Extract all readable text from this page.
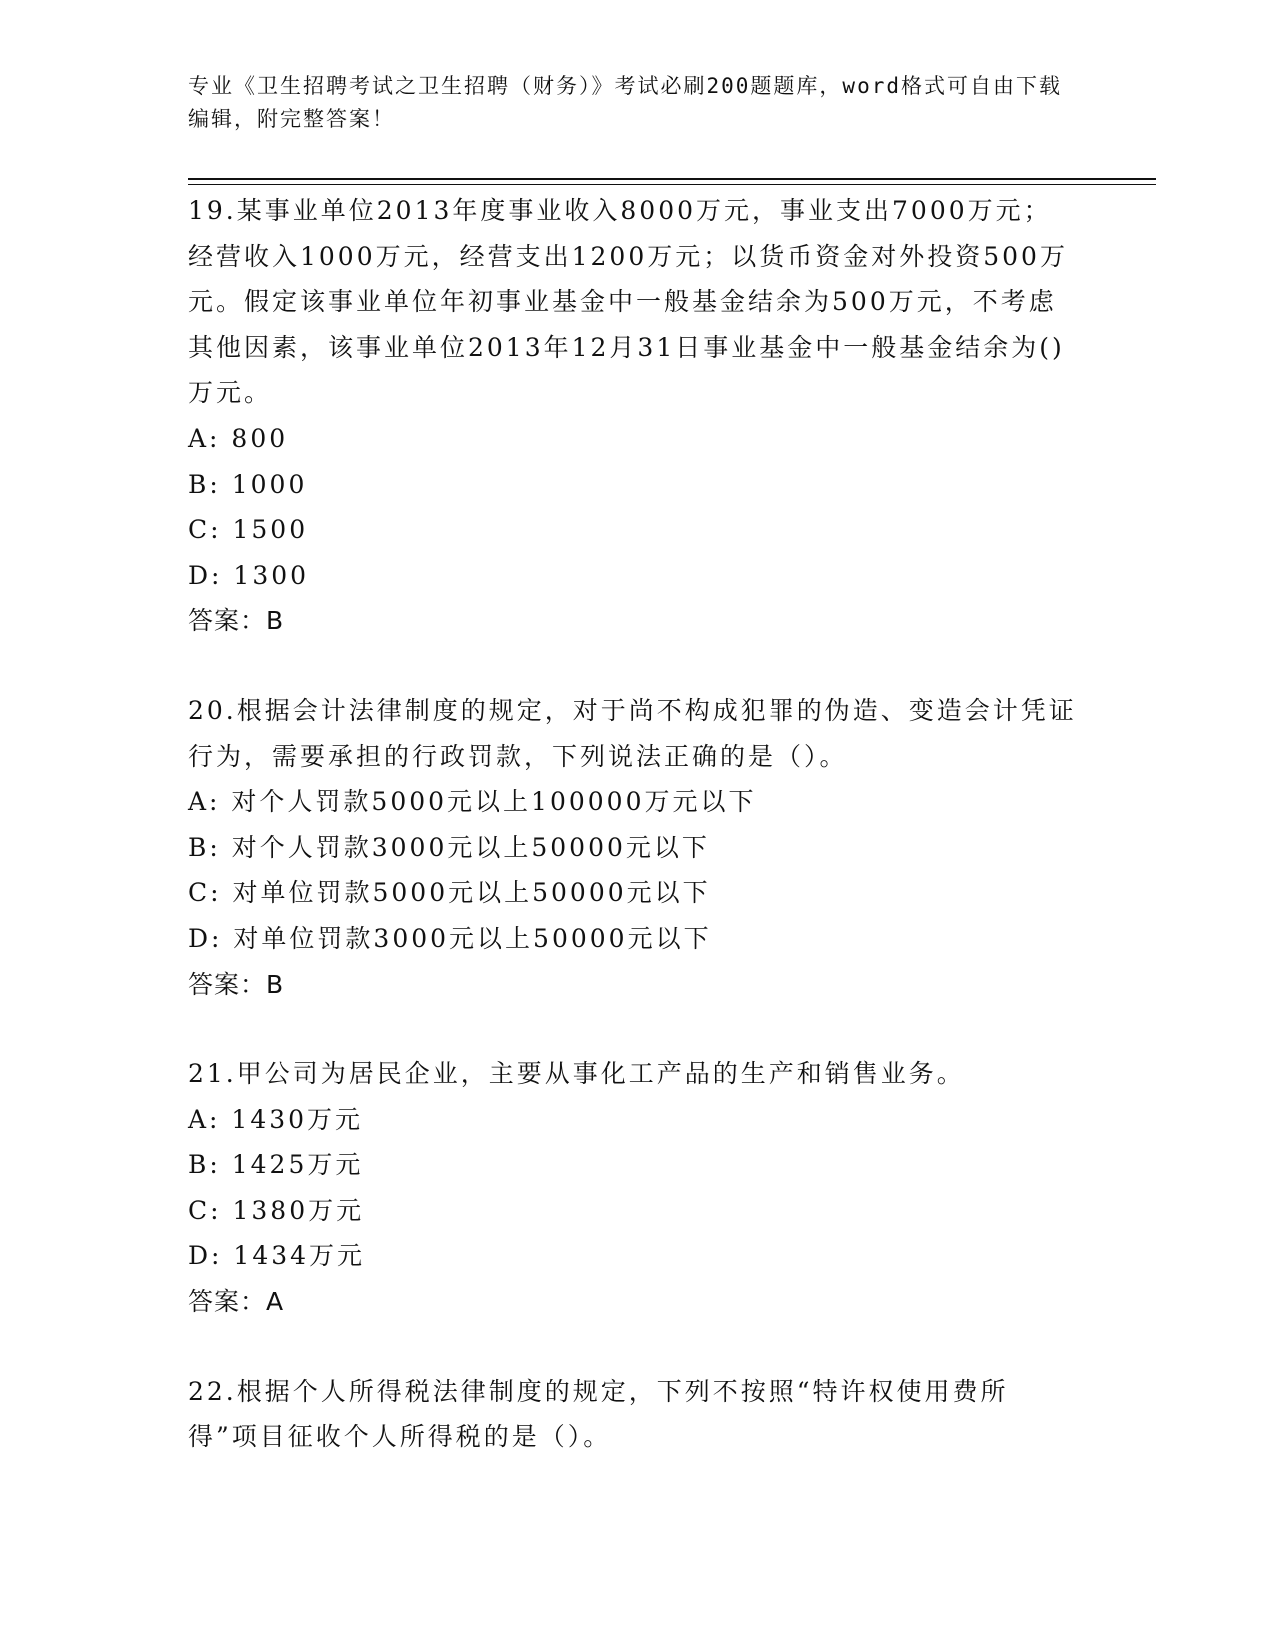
专业《卫生招聘考试之卫生招聘（财务）》考试必刷200题题库，word格式可自由下载编辑，附完整答案！
19.某事业单位2013年度事业收入8000万元，事业支出7000万元；经营收入1000万元，经营支出1200万元；以货币资金对外投资500万元。假定该事业单位年初事业基金中一般基金结余为500万元，不考虑其他因素，该事业单位2013年12月31日事业基金中一般基金结余为()万元。
A: 800
B: 1000
C: 1500
D: 1300
答案：B
20.根据会计法律制度的规定，对于尚不构成犯罪的伪造、变造会计凭证行为，需要承担的行政罚款，下列说法正确的是（）。
A: 对个人罚款5000元以上100000万元以下
B: 对个人罚款3000元以上50000元以下
C: 对单位罚款5000元以上50000元以下
D: 对单位罚款3000元以上50000元以下
答案：B
21.甲公司为居民企业，主要从事化工产品的生产和销售业务。
A: 1430万元
B: 1425万元
C: 1380万元
D: 1434万元
答案：A
22.根据个人所得税法律制度的规定，下列不按照“特许权使用费所得”项目征收个人所得税的是（）。
